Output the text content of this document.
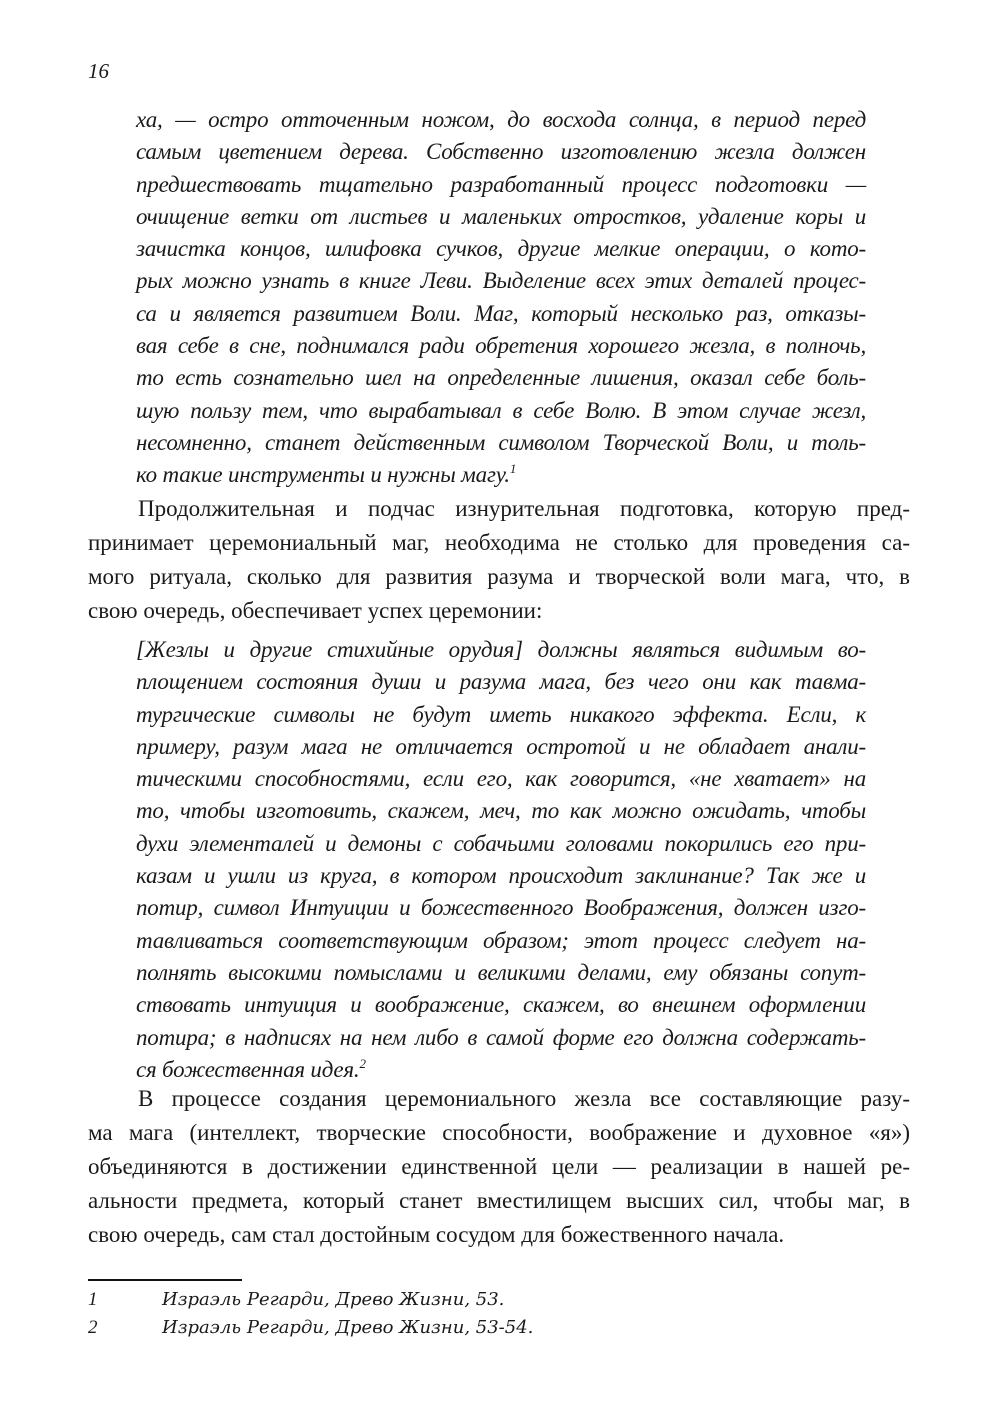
16
ха, — остро отточенным ножом, до восхода солнца, в период перед
самым цветением дерева. Собственно изготовлению жезла должен
предшествовать тщательно разработанный процесс подготовки —
очищение ветки от листьев и маленьких отростков, удаление коры и
зачистка концов, шлифовка сучков, другие мелкие операции, о кото-
рых можно узнать в книге Леви. Выделение всех этих деталей процес-
са и является развитием Воли. Маг, который несколько раз, отказы-
вая себе в сне, поднимался ради обретения хорошего жезла, в полночь,
то есть сознательно шел на определенные лишения, оказал себе боль-
шую пользу тем, что вырабатывал в себе Волю. В этом случае жезл,
несомненно, станет действенным символом Творческой Воли, и толь-
ко такие инструменты и нужны магу.$^1$
Продолжительная и подчас изнурительная подготовка, которую пред-
принимает церемониальный маг, необходима не столько для проведения са-
мого ритуала, сколько для развития разума и творческой воли мага, что, в
свою очередь, обеспечивает успех церемонии:
[Жезлы и другие стихийные орудия] должны являться видимым во-
площением состояния души и разума мага, без чего они как тавма-
тургические символы не будут иметь никакого эффекта. Если, к
примеру, разум мага не отличается остротой и не обладает анали-
тическими способностями, если его, как говорится, «не хватает» на
то, чтобы изготовить, скажем, меч, то как можно ожидать, чтобы
духи элементалей и демоны с собачьими головами покорились его при-
казам и ушли из круга, в котором происходит заклинание? Так же и
потир, символ Интуиции и божественного Воображения, должен изго-
тавливаться соответствующим образом; этот процесс следует на-
полнять высокими помыслами и великими делами, ему обязаны сопут-
ствовать интуиция и воображение, скажем, во внешнем оформлении
потира; в надписях на нем либо в самой форме его должна содержать-
ся божественная идея.$^2$
В процессе создания церемониального жезла все составляющие разу-
ма мага (интеллект, творческие способности, воображение и духовное «я»)
объединяются в достижении единственной цели — реализации в нашей ре-
альности предмета, который станет вместилищем высших сил, чтобы маг, в
свою очередь, сам стал достойным сосудом для божественного начала.
1	Израэль Регарди, Древо Жизни, 53.
2	Израэль Регарди, Древо Жизни, 53-54.
